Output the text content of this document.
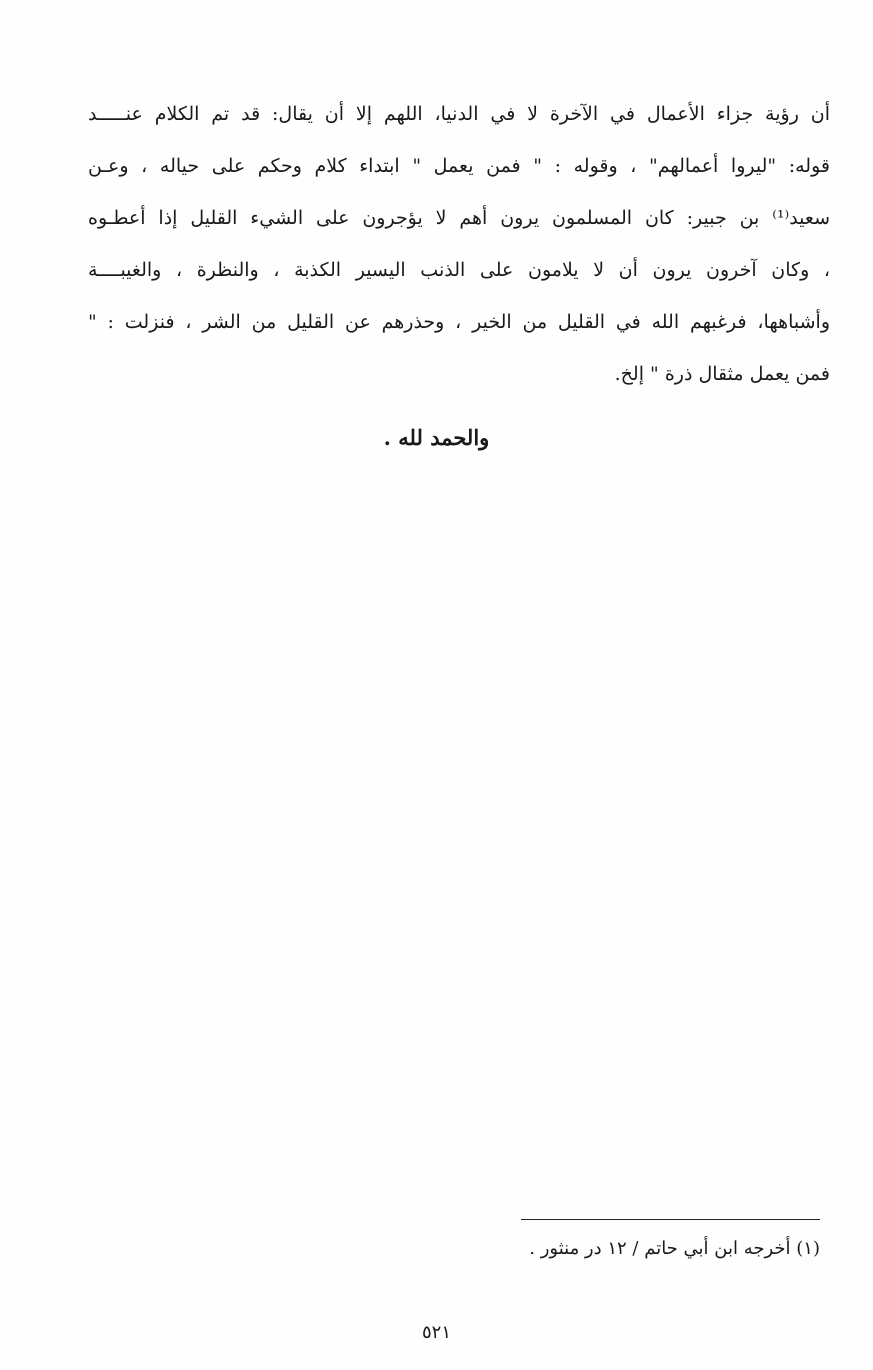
أن رؤية جزاء الأعمال في الآخرة لا في الدنيا، اللهم إلا أن يقال: قد تم الكلام عنـــــد
قوله: "ليروا أعمالهم" ، وقوله : " فمن يعمل " ابتداء كلام وحكم على حياله ، وعـن
سعيد⁽¹⁾ بن جبير: كان المسلمون يرون أهم لا يؤجرون على الشيء القليل إذا أعطـوه
، وكان آخرون يرون أن لا يلامون على الذنب اليسير الكذبة ، والنظرة ، والغيبــــة
وأشباهها، فرغبهم الله في القليل من الخير ، وحذرهم عن القليل من الشر ، فنزلت : "
فمن يعمل مثقال ذرة " إلخ.
والحمد لله .
(١) أخرجه ابن أبي حاتم / ١٢ در منثور .
٥٢١
